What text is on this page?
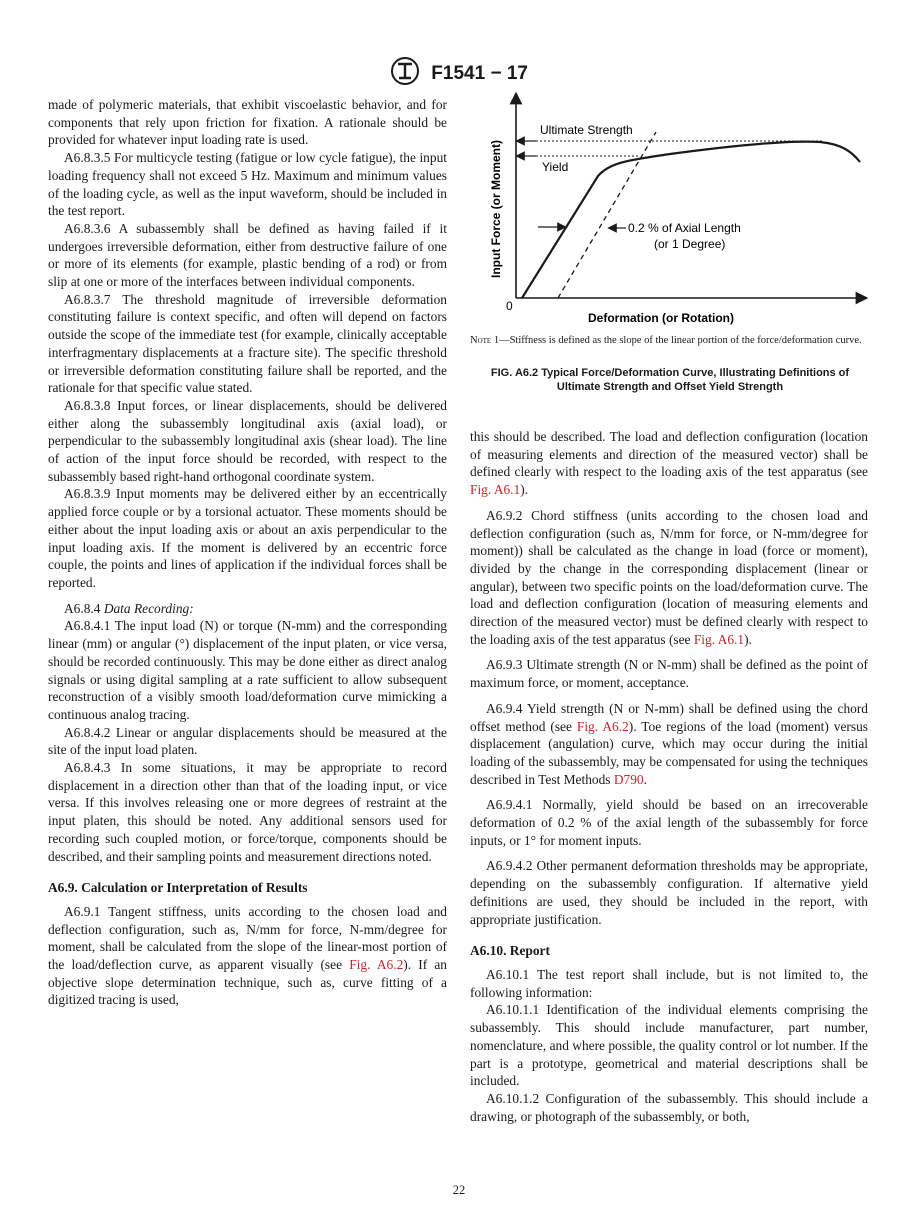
F1541 − 17

made of polymeric materials, that exhibit viscoelastic behavior, and for components that rely upon friction for fixation. A rationale should be provided for whatever input loading rate is used.

A6.8.3.5 For multicycle testing (fatigue or low cycle fatigue), the input loading frequency shall not exceed 5 Hz. Maximum and minimum values of the loading cycle, as well as the input waveform, should be included in the test report.

A6.8.3.6 A subassembly shall be defined as having failed if it undergoes irreversible deformation, either from destructive failure of one or more of its elements (for example, plastic bending of a rod) or from slip at one or more of the interfaces between individual components.

A6.8.3.7 The threshold magnitude of irreversible deformation constituting failure is context specific, and often will depend on factors outside the scope of the immediate test (for example, clinically acceptable interfragmentary displacements at a fracture site). The specific threshold or irreversible deformation constituting failure shall be reported, and the rationale for that specific value stated.

A6.8.3.8 Input forces, or linear displacements, should be delivered either along the subassembly longitudinal axis (axial load), or perpendicular to the subassembly longitudinal axis (shear load). The line of action of the input force should be recorded, with respect to the subassembly based right-hand orthogonal coordinate system.

A6.8.3.9 Input moments may be delivered either by an eccentrically applied force couple or by a torsional actuator. These moments should be either about the input loading axis or about an axis perpendicular to the input loading axis. If the moment is delivered by an eccentric force couple, the points and lines of application if the individual forces shall be reported.

A6.8.4 Data Recording:

A6.8.4.1 The input load (N) or torque (N-mm) and the corresponding linear (mm) or angular (°) displacement of the input platen, or vice versa, should be recorded continuously. This may be done either as direct analog signals or using digital sampling at a rate sufficient to allow subsequent reconstruction of a visibly smooth load/deformation curve mimicking a continuous analog tracing.

A6.8.4.2 Linear or angular displacements should be measured at the site of the input load platen.

A6.8.4.3 In some situations, it may be appropriate to record displacement in a direction other than that of the loading input, or vice versa. If this involves releasing one or more degrees of restraint at the input platen, this should be noted. Any additional sensors used for recording such coupled motion, or force/torque, components should be described, and their sampling points and measurement directions noted.

A6.9. Calculation or Interpretation of Results

A6.9.1 Tangent stiffness, units according to the chosen load and deflection configuration, such as, N/mm for force, N-mm/degree for moment, shall be calculated from the slope of the linear-most portion of the load/deflection curve, as apparent visually (see Fig. A6.2). If an objective slope determination technique, such as, curve fitting of a digitized tracing is used,

Ultimate Strength
Yield
0.2 % of Axial Length
(or 1 Degree)
0
Deformation (or Rotation)
Input Force (or Moment)
Note 1—Stiffness is defined as the slope of the linear portion of the force/deformation curve.
FIG. A6.2 Typical Force/Deformation Curve, Illustrating Definitions of Ultimate Strength and Offset Yield Strength

this should be described. The load and deflection configuration (location of measuring elements and direction of the measured vector) shall be defined clearly with respect to the loading axis of the test apparatus (see Fig. A6.1).

A6.9.2 Chord stiffness (units according to the chosen load and deflection configuration (such as, N/mm for force, or N-mm/degree for moment)) shall be calculated as the change in load (force or moment), divided by the change in the corresponding displacement (linear or angular), between two specific points on the load/deformation curve. The load and deflection configuration (location of measuring elements and direction of the measured vector) must be defined clearly with respect to the loading axis of the test apparatus (see Fig. A6.1).

A6.9.3 Ultimate strength (N or N-mm) shall be defined as the point of maximum force, or moment, acceptance.

A6.9.4 Yield strength (N or N-mm) shall be defined using the chord offset method (see Fig. A6.2). Toe regions of the load (moment) versus displacement (angulation) curve, which may occur during the initial loading of the subassembly, may be compensated for using the techniques described in Test Methods D790.

A6.9.4.1 Normally, yield should be based on an irrecoverable deformation of 0.2 % of the axial length of the subassembly for force inputs, or 1° for moment inputs.

A6.9.4.2 Other permanent deformation thresholds may be appropriate, depending on the subassembly configuration. If alternative yield definitions are used, they should be included in the report, with appropriate justification.

A6.10. Report

A6.10.1 The test report shall include, but is not limited to, the following information:

A6.10.1.1 Identification of the individual elements comprising the subassembly. This should include manufacturer, part number, nomenclature, and where possible, the quality control or lot number. If the part is a prototype, geometrical and material descriptions shall be included.

A6.10.1.2 Configuration of the subassembly. This should include a drawing, or photograph of the subassembly, or both,

22
